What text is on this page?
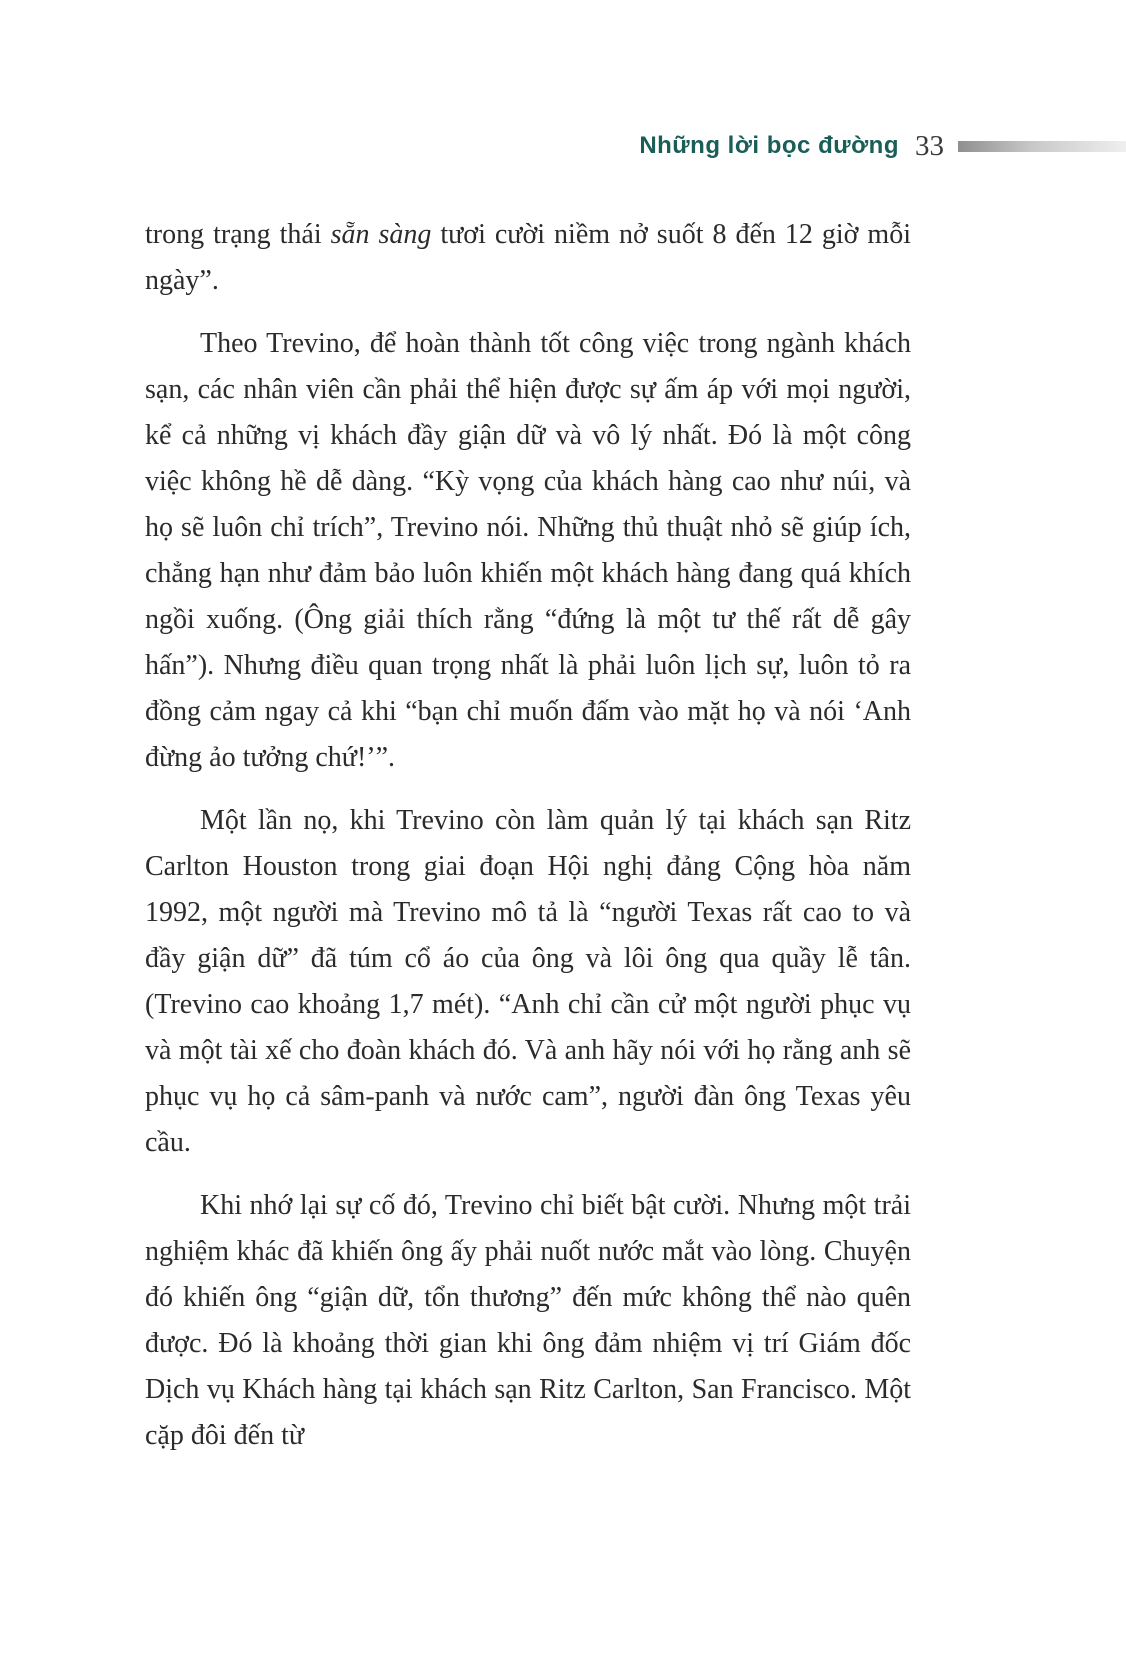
Những lời bọc đường 33

trong trạng thái sẵn sàng tươi cười niềm nở suốt 8 đến 12 giờ mỗi ngày”.

Theo Trevino, để hoàn thành tốt công việc trong ngành khách sạn, các nhân viên cần phải thể hiện được sự ấm áp với mọi người, kể cả những vị khách đầy giận dữ và vô lý nhất. Đó là một công việc không hề dễ dàng. “Kỳ vọng của khách hàng cao như núi, và họ sẽ luôn chỉ trích”, Trevino nói. Những thủ thuật nhỏ sẽ giúp ích, chẳng hạn như đảm bảo luôn khiến một khách hàng đang quá khích ngồi xuống. (Ông giải thích rằng “đứng là một tư thế rất dễ gây hấn”). Nhưng điều quan trọng nhất là phải luôn lịch sự, luôn tỏ ra đồng cảm ngay cả khi “bạn chỉ muốn đấm vào mặt họ và nói ‘Anh đừng ảo tưởng chứ!’”.

Một lần nọ, khi Trevino còn làm quản lý tại khách sạn Ritz Carlton Houston trong giai đoạn Hội nghị đảng Cộng hòa năm 1992, một người mà Trevino mô tả là “người Texas rất cao to và đầy giận dữ” đã túm cổ áo của ông và lôi ông qua quầy lễ tân. (Trevino cao khoảng 1,7 mét). “Anh chỉ cần cử một người phục vụ và một tài xế cho đoàn khách đó. Và anh hãy nói với họ rằng anh sẽ phục vụ họ cả sâm-panh và nước cam”, người đàn ông Texas yêu cầu.

Khi nhớ lại sự cố đó, Trevino chỉ biết bật cười. Nhưng một trải nghiệm khác đã khiến ông ấy phải nuốt nước mắt vào lòng. Chuyện đó khiến ông “giận dữ, tổn thương” đến mức không thể nào quên được. Đó là khoảng thời gian khi ông đảm nhiệm vị trí Giám đốc Dịch vụ Khách hàng tại khách sạn Ritz Carlton, San Francisco. Một cặp đôi đến từ
